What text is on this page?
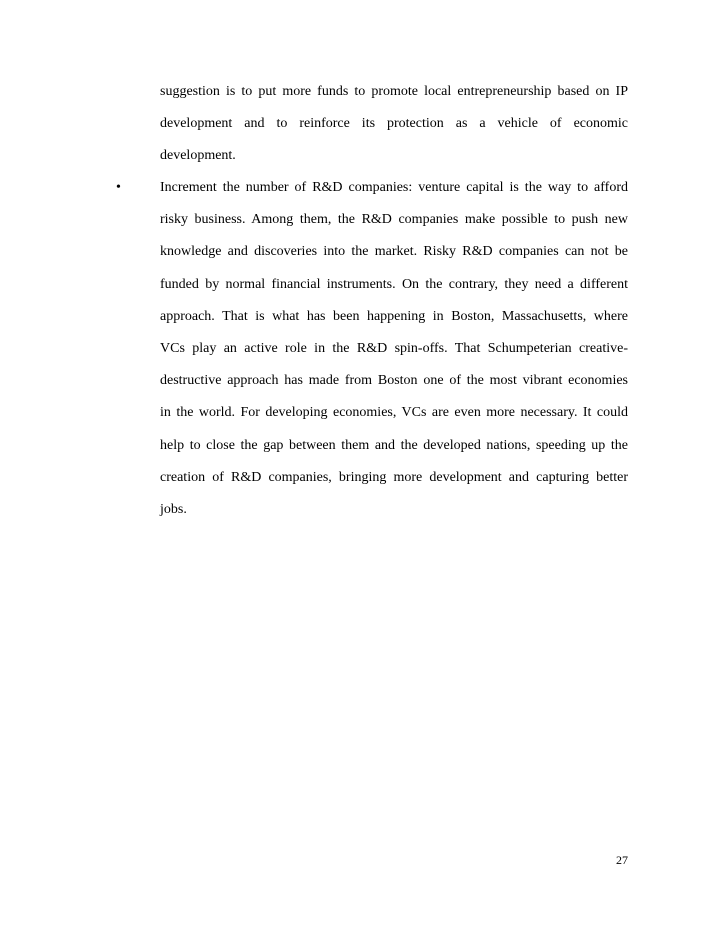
suggestion is to put more funds to promote local entrepreneurship based on IP
development and to reinforce its protection as a vehicle of economic
development.
•	Increment the number of R&D companies: venture capital is the way to afford
risky business. Among them, the R&D companies make possible to push new
knowledge and discoveries into the market. Risky R&D companies can not be
funded by normal financial instruments. On the contrary, they need a different
approach. That is what has been happening in Boston, Massachusetts, where
VCs play an active role in the R&D spin-offs. That Schumpeterian creative-
destructive approach has made from Boston one of the most vibrant economies
in the world. For developing economies, VCs are even more necessary. It could
help to close the gap between them and the developed nations, speeding up the
creation of R&D companies, bringing more development and capturing better
jobs.
27
